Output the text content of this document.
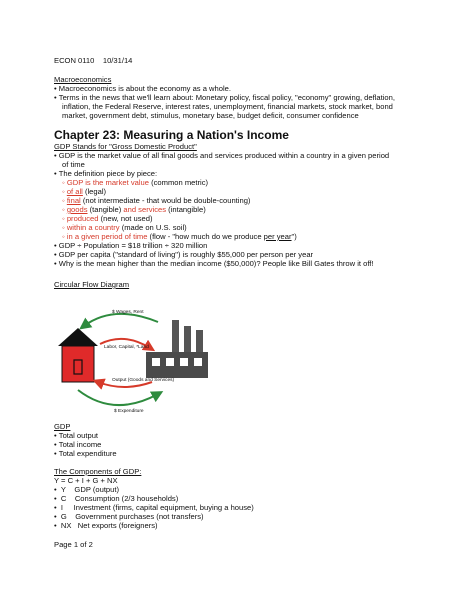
ECON 0110 10/31/14
Macroeconomics
• Macroeconomics is about the economy as a whole.
• Terms in the news that we'll learn about: Monetary policy, fiscal policy, "economy" growing, deflation,
inflation, the Federal Reserve, interest rates, unemployment, financial markets, stock market, bond
market, government debt, stimulus, monetary base, budget deficit, consumer confidence
Chapter 23: Measuring a Nation's Income
GDP Stands for "Gross Domestic Product"
• GDP is the market value of all final goods and services produced within a country in a given period
of time
• The definition piece by piece:
◦ GDP is the market value (common metric)
◦ of all (legal)
◦ final (not intermediate - that would be double-counting)
◦ goods (tangible) and services (intangible)
◦ produced (new, not used)
◦ within a country (made on U.S. soil)
◦ in a given period of time (flow - "how much do we produce per year")
• GDP ÷ Population = $18 trillion ÷ 320 million
• GDP per capita ("standard of living") is roughly $55,000 per person per year
• Why is the mean higher than the median income ($50,000)? People like Bill Gates throw it off!
Circular Flow Diagram
$ Wages, Rent
Labor, Capital, *Land
Output (Goods and Services)
$ Expenditure
GDP
• Total output
• Total income
• Total expenditure
The Components of GDP:
Y = C + I + G + NX
•  Y GDP (output)
•  C Consumption (2/3 households)
•  I Investment (firms, capital equipment, buying a house)
•  G Government purchases (not transfers)
•  NX Net exports (foreigners)
Page 1 of 2
